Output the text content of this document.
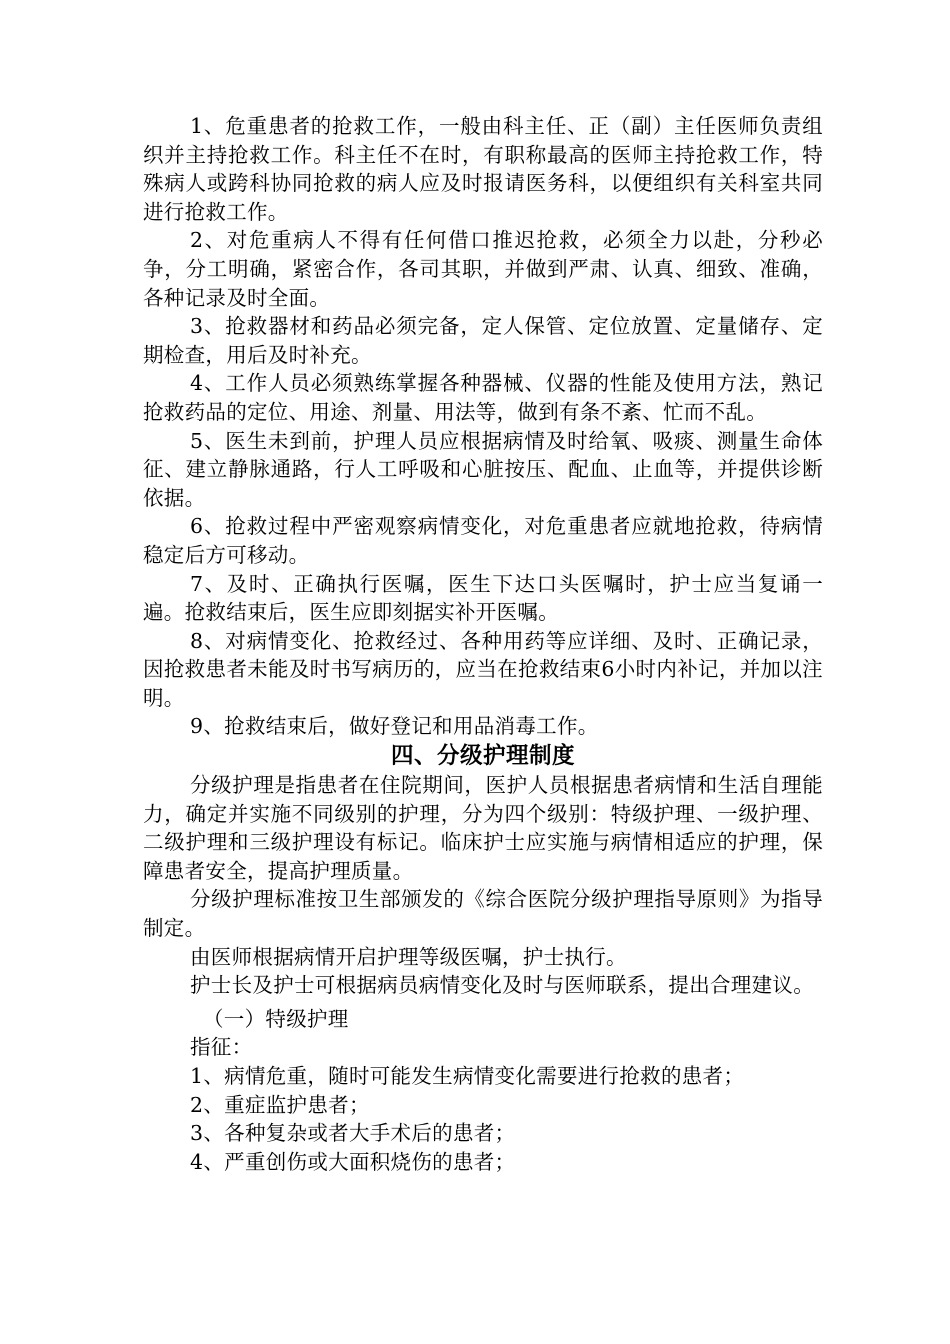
1、危重患者的抢救工作，一般由科主任、正（副）主任医师负责组织并主持抢救工作。科主任不在时，有职称最高的医师主持抢救工作，特殊病人或跨科协同抢救的病人应及时报请医务科，以便组织有关科室共同进行抢救工作。

2、对危重病人不得有任何借口推迟抢救，必须全力以赴，分秒必争，分工明确，紧密合作，各司其职，并做到严肃、认真、细致、准确，各种记录及时全面。

3、抢救器材和药品必须完备，定人保管、定位放置、定量储存、定期检查，用后及时补充。

4、工作人员必须熟练掌握各种器械、仪器的性能及使用方法，熟记抢救药品的定位、用途、剂量、用法等，做到有条不紊、忙而不乱。

5、医生未到前，护理人员应根据病情及时给氧、吸痰、测量生命体征、建立静脉通路，行人工呼吸和心脏按压、配血、止血等，并提供诊断依据。

6、抢救过程中严密观察病情变化，对危重患者应就地抢救，待病情稳定后方可移动。

7、及时、正确执行医嘱，医生下达口头医嘱时，护士应当复诵一遍。抢救结束后，医生应即刻据实补开医嘱。

8、对病情变化、抢救经过、各种用药等应详细、及时、正确记录，因抢救患者未能及时书写病历的，应当在抢救结束6小时内补记，并加以注明。

9、抢救结束后，做好登记和用品消毒工作。

四、分级护理制度

分级护理是指患者在住院期间，医护人员根据患者病情和生活自理能力，确定并实施不同级别的护理，分为四个级别：特级护理、一级护理、二级护理和三级护理设有标记。临床护士应实施与病情相适应的护理，保障患者安全，提高护理质量。

分级护理标准按卫生部颁发的《综合医院分级护理指导原则》为指导制定。

由医师根据病情开启护理等级医嘱，护士执行。

护士长及护士可根据病员病情变化及时与医师联系，提出合理建议。

（一）特级护理

指征：

1、病情危重，随时可能发生病情变化需要进行抢救的患者；

2、重症监护患者；

3、各种复杂或者大手术后的患者；

4、严重创伤或大面积烧伤的患者；
